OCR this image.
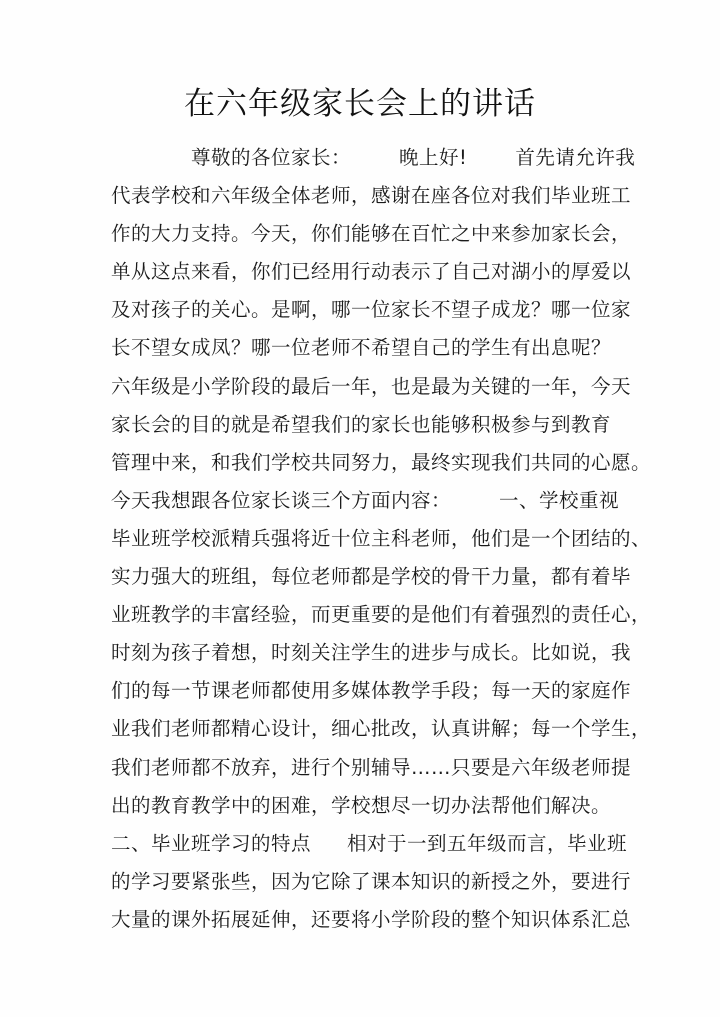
在六年级家长会上的讲话
尊敬的各位家长： 晚上好! 首先请允许我
代表学校和六年级全体老师，感谢在座各位对我们毕业班工
作的大力支持。今天，你们能够在百忙之中来参加家长会，
单从这点来看，你们已经用行动表示了自己对湖小的厚爱以
及对孩子的关心。是啊，哪一位家长不望子成龙？哪一位家
长不望女成凤？哪一位老师不希望自己的学生有出息呢？
六年级是小学阶段的最后一年，也是最为关键的一年，今天
家长会的目的就是希望我们的家长也能够积极参与到教育
管理中来，和我们学校共同努力，最终实现我们共同的心愿。
今天我想跟各位家长谈三个方面内容： 一、学校重视
毕业班学校派精兵强将近十位主科老师，他们是一个团结的、
实力强大的班组，每位老师都是学校的骨干力量，都有着毕
业班教学的丰富经验，而更重要的是他们有着强烈的责任心，
时刻为孩子着想，时刻关注学生的进步与成长。比如说，我
们的每一节课老师都使用多媒体教学手段；每一天的家庭作
业我们老师都精心设计，细心批改，认真讲解；每一个学生，
我们老师都不放弃，进行个别辅导……只要是六年级老师提
出的教育教学中的困难，学校想尽一切办法帮他们解决。
二、毕业班学习的特点 相对于一到五年级而言，毕业班
的学习要紧张些，因为它除了课本知识的新授之外，要进行
大量的课外拓展延伸，还要将小学阶段的整个知识体系汇总
